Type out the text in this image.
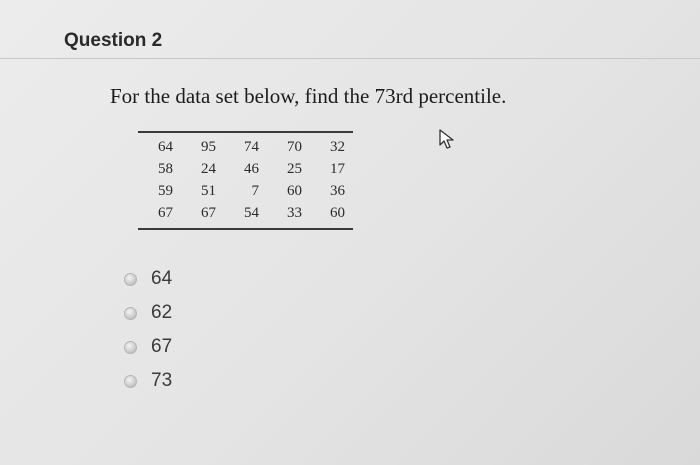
Question 2
For the data set below, find the 73rd percentile.
64	95	74	70	32
58	24	46	25	17
59	51	7	60	36
67	67	54	33	60
64
62
67
73
